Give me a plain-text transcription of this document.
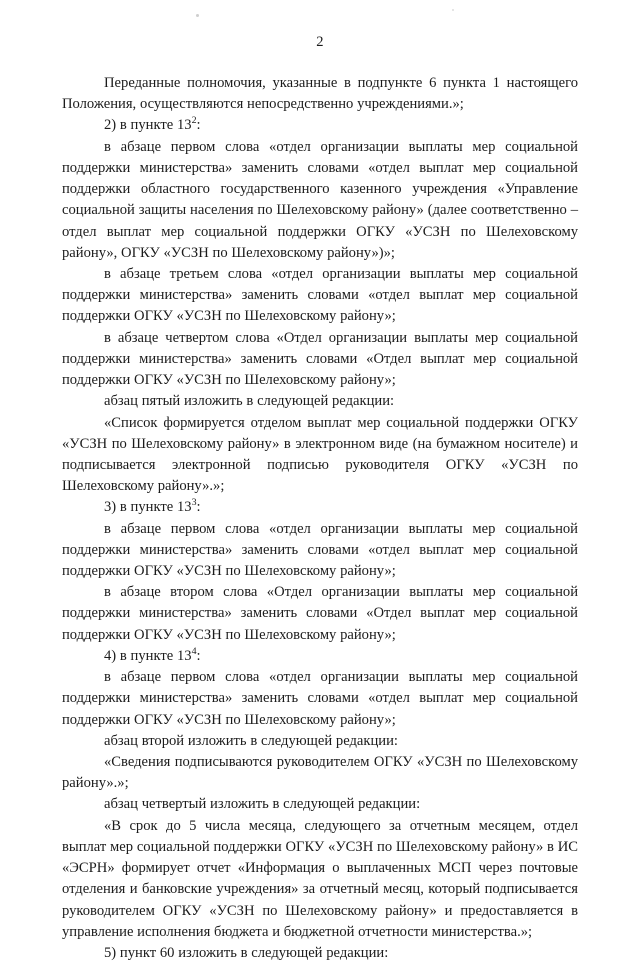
2

Переданные полномочия, указанные в подпункте 6 пункта 1 настоящего Положения, осуществляются непосредственно учреждениями.»;

2) в пункте $13^2$:

в абзаце первом слова «отдел организации выплаты мер социальной поддержки министерства» заменить словами «отдел выплат мер социальной поддержки областного государственного казенного учреждения «Управление социальной защиты населения по Шелеховскому району» (далее соответственно – отдел выплат мер социальной поддержки ОГКУ «УСЗН по Шелеховскому району», ОГКУ «УСЗН по Шелеховскому району»)»;

в абзаце третьем слова «отдел организации выплаты мер социальной поддержки министерства» заменить словами «отдел выплат мер социальной поддержки ОГКУ «УСЗН по Шелеховскому району»;

в абзаце четвертом слова «Отдел организации выплаты мер социальной поддержки министерства» заменить словами «Отдел выплат мер социальной поддержки ОГКУ «УСЗН по Шелеховскому району»;

абзац пятый изложить в следующей редакции:

«Список формируется отделом выплат мер социальной поддержки ОГКУ «УСЗН по Шелеховскому району» в электронном виде (на бумажном носителе) и подписывается электронной подписью руководителя ОГКУ «УСЗН по Шелеховскому району».»;

3) в пункте $13^3$:

в абзаце первом слова «отдел организации выплаты мер социальной поддержки министерства» заменить словами «отдел выплат мер социальной поддержки ОГКУ «УСЗН по Шелеховскому району»;

в абзаце втором слова «Отдел организации выплаты мер социальной поддержки министерства» заменить словами «Отдел выплат мер социальной поддержки ОГКУ «УСЗН по Шелеховскому району»;

4) в пункте $13^4$:

в абзаце первом слова «отдел организации выплаты мер социальной поддержки министерства» заменить словами «отдел выплат мер социальной поддержки ОГКУ «УСЗН по Шелеховскому району»;

абзац второй изложить в следующей редакции:

«Сведения подписываются руководителем ОГКУ «УСЗН по Шелеховскому району».»;

абзац четвертый изложить в следующей редакции:

«В срок до 5 числа месяца, следующего за отчетным месяцем, отдел выплат мер социальной поддержки ОГКУ «УСЗН по Шелеховскому району» в ИС «ЭСРН» формирует отчет «Информация о выплаченных МСП через почтовые отделения и банковские учреждения» за отчетный месяц, который подписывается руководителем ОГКУ «УСЗН по Шелеховскому району» и предоставляется в управление исполнения бюджета и бюджетной отчетности министерства.»;

5) пункт 60 изложить в следующей редакции:
